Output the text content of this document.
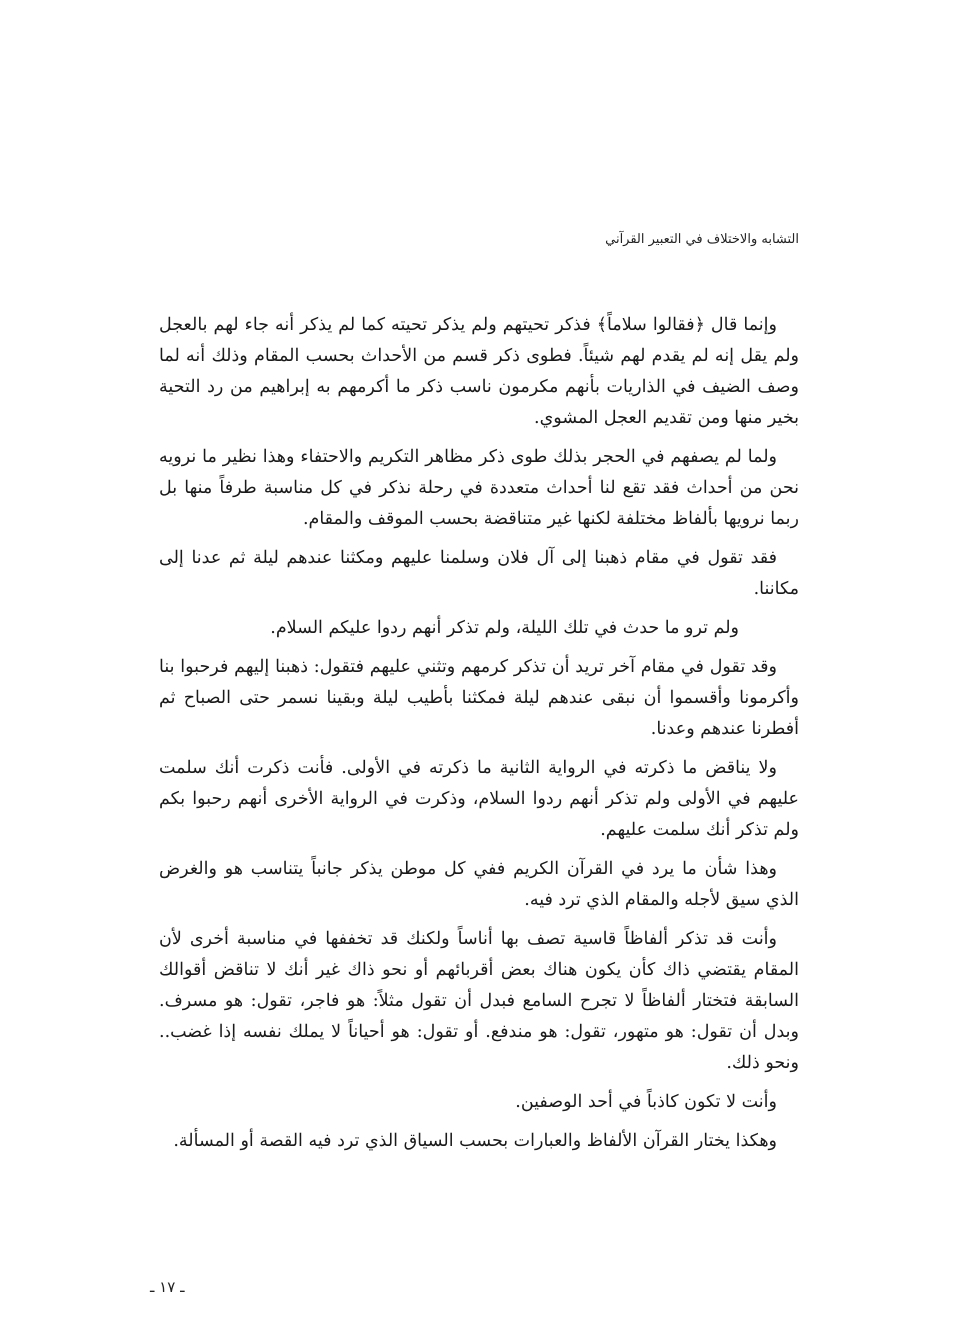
التشابه والاختلاف في التعبير القرآني

وإنما قال ﴿فقالوا سلاماً﴾ فذكر تحيتهم ولم يذكر تحيته كما لم يذكر أنه جاء لهم بالعجل ولم يقل إنه لم يقدم لهم شيئاً. فطوى ذكر قسم من الأحداث بحسب المقام وذلك أنه لما وصف الضيف في الذاريات بأنهم مكرمون ناسب ذكر ما أكرمهم به إبراهيم من رد التحية بخير منها ومن تقديم العجل المشوي.

ولما لم يصفهم في الحجر بذلك طوى ذكر مظاهر التكريم والاحتفاء وهذا نظير ما نرويه نحن من أحداث فقد تقع لنا أحداث متعددة في رحلة نذكر في كل مناسبة طرفاً منها بل ربما نرويها بألفاظ مختلفة لكنها غير متناقضة بحسب الموقف والمقام.

فقد تقول في مقام ذهبنا إلى آل فلان وسلمنا عليهم ومكثنا عندهم ليلة ثم عدنا إلى مكاننا.

ولم ترو ما حدث في تلك الليلة، ولم تذكر أنهم ردوا عليكم السلام.

وقد تقول في مقام آخر تريد أن تذكر كرمهم وتثني عليهم فتقول: ذهبنا إليهم فرحبوا بنا وأكرمونا وأقسموا أن نبقى عندهم ليلة فمكثنا بأطيب ليلة وبقينا نسمر حتى الصباح ثم أفطرنا عندهم وعدنا.

ولا يناقض ما ذكرته في الرواية الثانية ما ذكرته في الأولى. فأنت ذكرت أنك سلمت عليهم في الأولى ولم تذكر أنهم ردوا السلام، وذكرت في الرواية الأخرى أنهم رحبوا بكم ولم تذكر أنك سلمت عليهم.

وهذا شأن ما يرد في القرآن الكريم ففي كل موطن يذكر جانباً يتناسب هو والغرض الذي سيق لأجله والمقام الذي ترد فيه.

وأنت قد تذكر ألفاظاً قاسية تصف بها أناساً ولكنك قد تخففها في مناسبة أخرى لأن المقام يقتضي ذاك كأن يكون هناك بعض أقربائهم أو نحو ذاك غير أنك لا تناقض أقوالك السابقة فتختار ألفاظاً لا تجرح السامع فبدل أن تقول مثلاً: هو فاجر، تقول: هو مسرف. وبدل أن تقول: هو متهور، تقول: هو مندفع. أو تقول: هو أحياناً لا يملك نفسه إذا غضب.. ونحو ذلك.

وأنت لا تكون كاذباً في أحد الوصفين.

وهكذا يختار القرآن الألفاظ والعبارات بحسب السياق الذي ترد فيه القصة أو المسألة.

ـ ١٧ ـ
